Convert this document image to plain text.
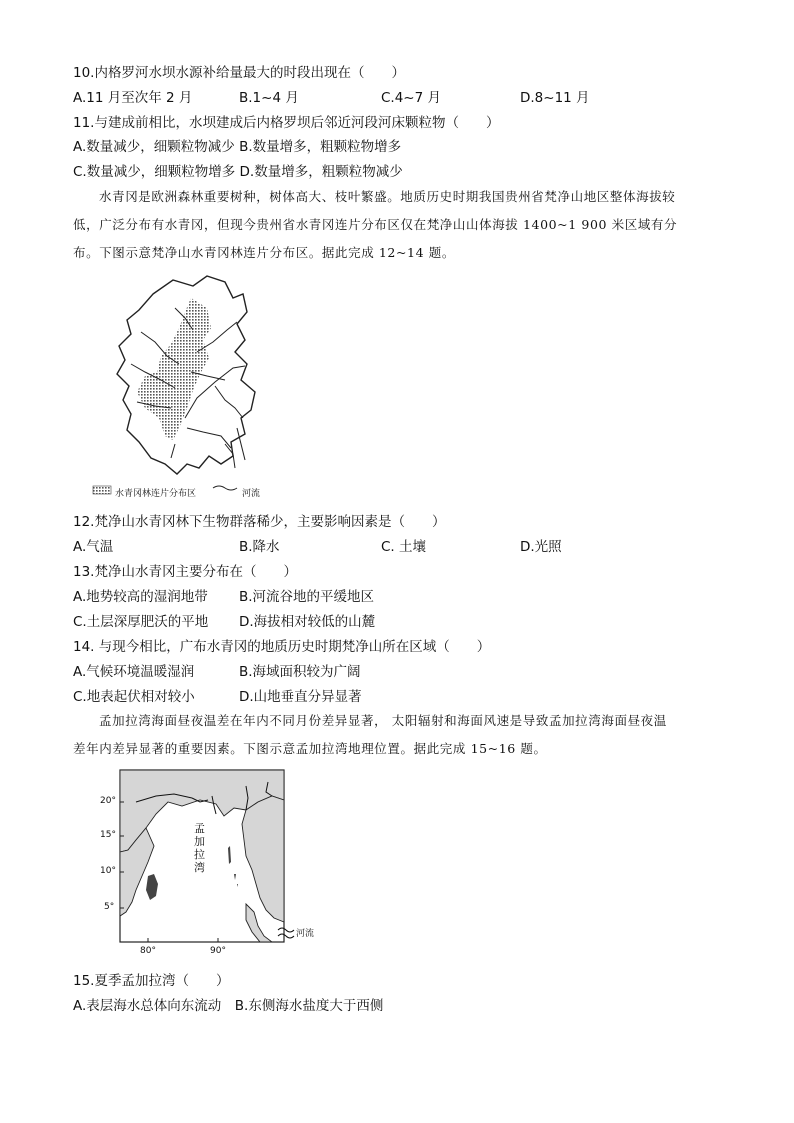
10.内格罗河水坝水源补给量最大的时段出现在（　　）
A.11 月至次年 2 月	B.1~4 月	C.4~7 月	D.8~11 月
11.与建成前相比，水坝建成后内格罗坝后邻近河段河床颗粒物（　　）
A.数量减少，细颗粒物减少 B.数量增多，粗颗粒物增多
C.数量减少，细颗粒物增多 D.数量增多，粗颗粒物减少
水青冈是欧洲森林重要树种，树体高大、枝叶繁盛。地质历史时期我国贵州省梵净山地区整体海拔较
低，广泛分布有水青冈，但现今贵州省水青冈连片分布区仅在梵净山山体海拔 1400~1 900 米区域有分
布。下图示意梵净山水青冈林连片分布区。据此完成 12~14 题。
水青冈林连片分布区	河流
12.梵净山水青冈林下生物群落稀少，主要影响因素是（　　）
A.气温	B.降水	C. 土壤	D.光照
13.梵净山水青冈主要分布在（　　）
A.地势较高的湿润地带 B.河流谷地的平缓地区
C.土层深厚肥沃的平地 D.海拔相对较低的山麓
14. 与现今相比，广布水青冈的地质历史时期梵净山所在区域（　　）
A.气候环境温暖湿润	B.海域面积较为广阔
C.地表起伏相对较小	D.山地垂直分异显著
孟加拉湾海面昼夜温差在年内不同月份差异显著， 太阳辐射和海面风速是导致孟加拉湾海面昼夜温
差年内差异显著的重要因素。下图示意孟加拉湾地理位置。据此完成 15~16 题。
孟
加
拉
湾
20°
15°
10°
5°
80°	90°
河流
15.夏季孟加拉湾（　　）
A.表层海水总体向东流动　B.东侧海水盐度大于西侧
